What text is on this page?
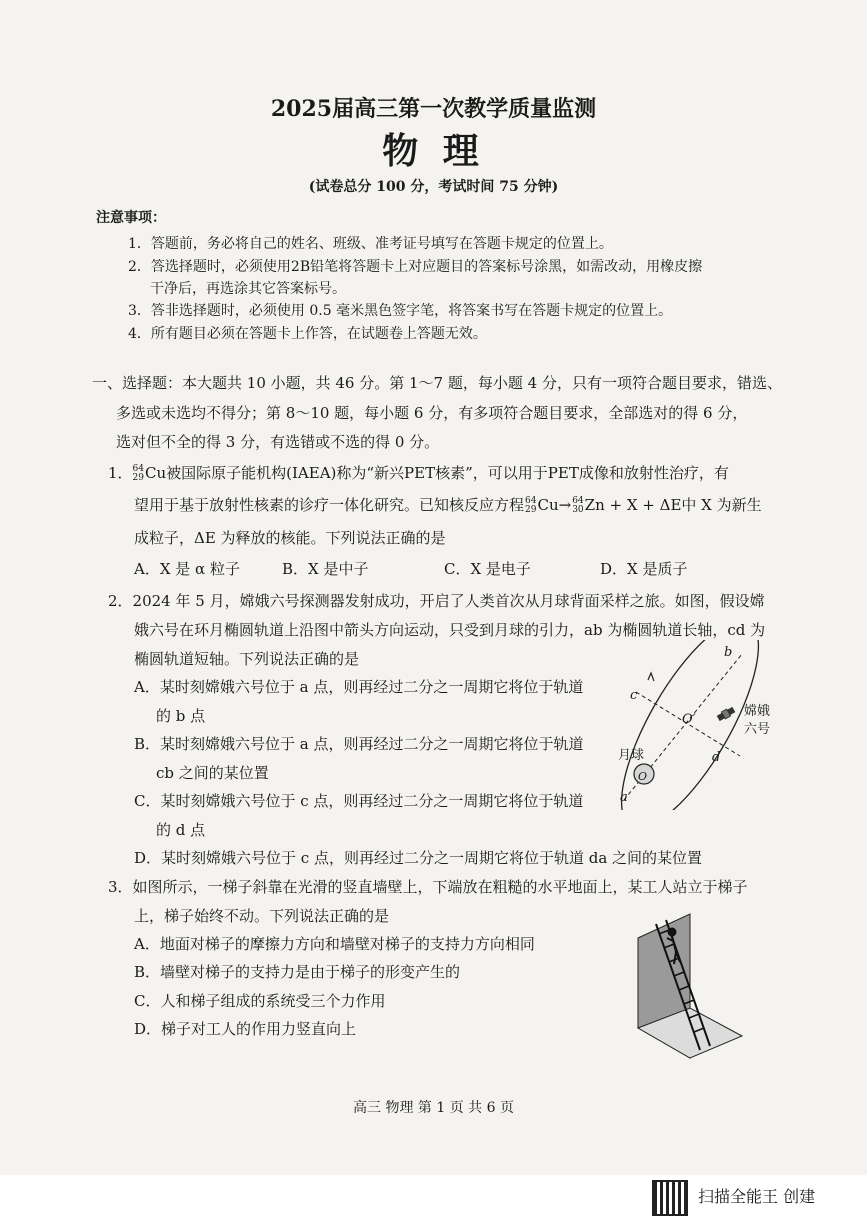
2025届高三第一次教学质量监测
物 理
(试卷总分 100 分，考试时间 75 分钟)
注意事项：
1．答题前，务必将自己的姓名、班级、准考证号填写在答题卡规定的位置上。
2．答选择题时，必须使用2B铅笔将答题卡上对应题目的答案标号涂黑，如需改动，用橡皮擦
干净后，再选涂其它答案标号。
3．答非选择题时，必须使用 0.5 毫米黑色签字笔，将答案书写在答题卡规定的位置上。
4．所有题目必须在答题卡上作答，在试题卷上答题无效。
一、选择题：本大题共 10 小题，共 46 分。第 1～7 题，每小题 4 分，只有一项符合题目要求，错选、
多选或未选均不得分；第 8～10 题，每小题 6 分，有多项符合题目要求，全部选对的得 6 分，
选对但不全的得 3 分，有选错或不选的得 0 分。
1． 64
29 Cu被国际原子能机构(IAEA)称为“新兴PET核素”，可以用于PET成像和放射性治疗，有
望用于基于放射性核素的诊疗一体化研究。已知核反应方程 64
29 Cu→ 64
30 Zn + X + ΔE中 X 为新生
成粒子，ΔE 为释放的核能。下列说法正确的是
A．X 是 α 粒子	B．X 是中子	C．X 是电子	D．X 是质子
2．2024 年 5 月，嫦娥六号探测器发射成功，开启了人类首次从月球背面采样之旅。如图，假设嫦
娥六号在环月椭圆轨道上沿图中箭头方向运动，只受到月球的引力，ab 为椭圆轨道长轴，cd 为
椭圆轨道短轴。下列说法正确的是
A．某时刻嫦娥六号位于 a 点，则再经过二分之一周期它将位于轨道
的 b 点
B．某时刻嫦娥六号位于 a 点，则再经过二分之一周期它将位于轨道
cb 之间的某位置
C．某时刻嫦娥六号位于 c 点，则再经过二分之一周期它将位于轨道
的 d 点
D．某时刻嫦娥六号位于 c 点，则再经过二分之一周期它将位于轨道 da 之间的某位置
b
c
O′
d
a
月球
O
嫦娥
六号
3．如图所示，一梯子斜靠在光滑的竖直墙壁上，下端放在粗糙的水平地面上，某工人站立于梯子
上，梯子始终不动。下列说法正确的是
A．地面对梯子的摩擦力方向和墙壁对梯子的支持力方向相同
B．墙壁对梯子的支持力是由于梯子的形变产生的
C．人和梯子组成的系统受三个力作用
D．梯子对工人的作用力竖直向上
高三 物理 第 1 页 共 6 页
扫描全能王 创建
